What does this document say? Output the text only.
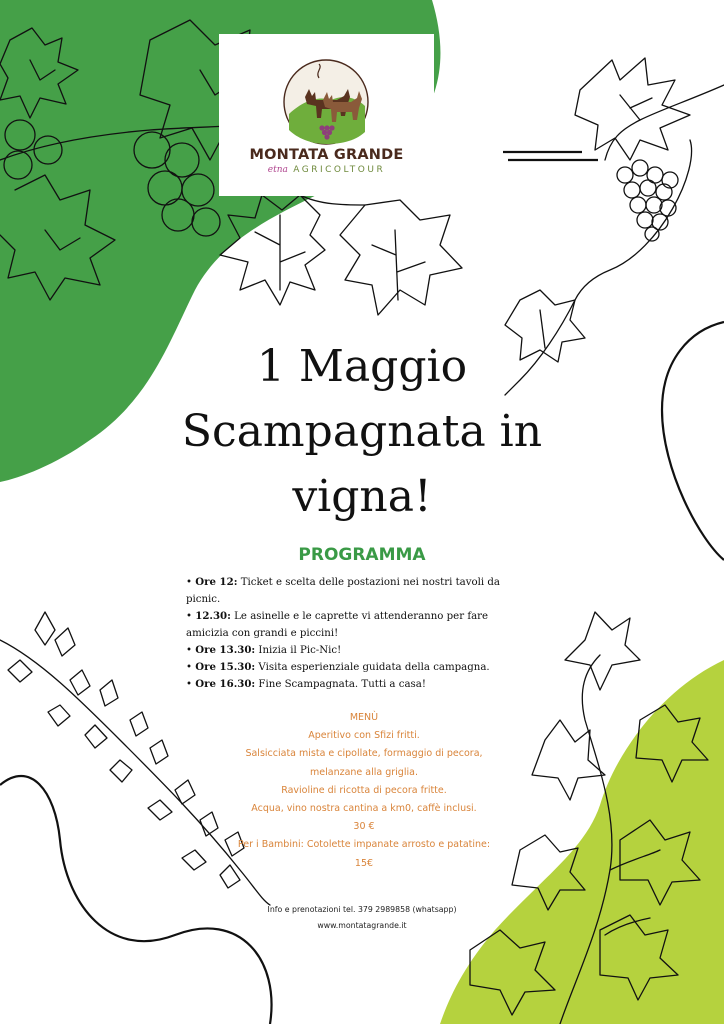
MONTATA GRANDE
etna AGRICOLTOUR
1 Maggio
Scampagnata in
vigna!
PROGRAMMA

• Ore 12: Ticket e scelta delle postazioni nei nostri tavoli da picnic.

• 12.30: Le asinelle e le caprette vi attenderanno per fare amicizia con grandi e piccini!

• Ore 13.30: Inizia il Pic-Nic!

• Ore 15.30: Visita esperienziale guidata della campagna.

• Ore 16.30: Fine Scampagnata. Tutti a casa!

MENÙ

Aperitivo con Sfizi fritti.

Salsicciata mista e cipollate, formaggio di pecora,

melanzane alla griglia.

Ravioline di ricotta di pecora fritte.

Acqua, vino nostra cantina a km0, caffè inclusi.

30 €

Per i Bambini: Cotolette impanate arrosto e patatine:

15€

Info e prenotazioni tel. 379 2989858 (whatsapp)

www.montatagrande.it
